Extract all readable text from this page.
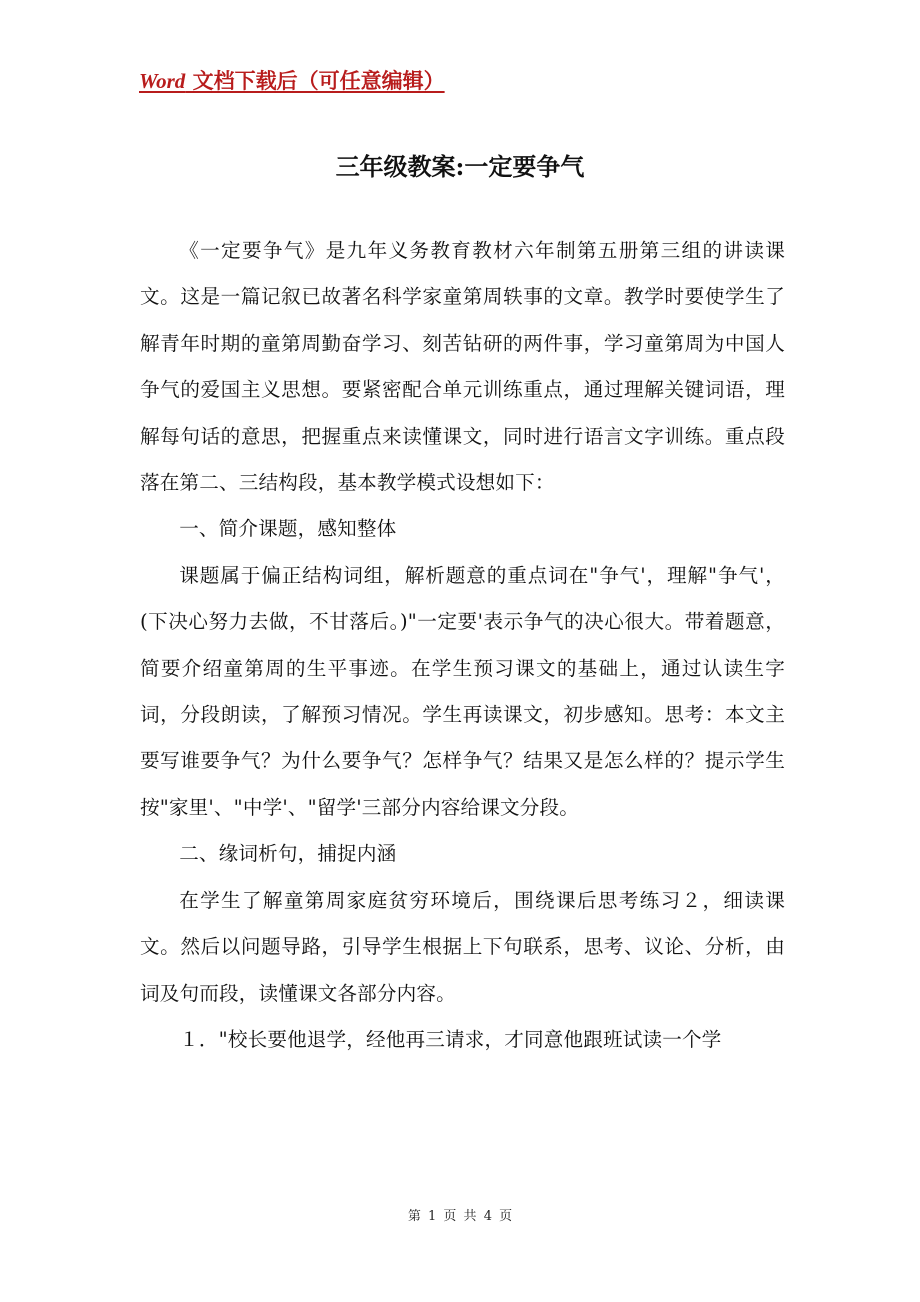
Word 文档下载后（可任意编辑）
三年级教案:一定要争气

《一定要争气》是九年义务教育教材六年制第五册第三组的讲读课文。这是一篇记叙已故著名科学家童第周轶事的文章。教学时要使学生了解青年时期的童第周勤奋学习、刻苦钻研的两件事，学习童第周为中国人争气的爱国主义思想。要紧密配合单元训练重点，通过理解关键词语，理解每句话的意思，把握重点来读懂课文，同时进行语言文字训练。重点段落在第二、三结构段，基本教学模式设想如下：

一、简介课题，感知整体

课题属于偏正结构词组，解析题意的重点词在"争气'，理解"争气'，(下决心努力去做，不甘落后。)"一定要'表示争气的决心很大。带着题意，简要介绍童第周的生平事迹。在学生预习课文的基础上，通过认读生字词，分段朗读，了解预习情况。学生再读课文，初步感知。思考：本文主要写谁要争气？为什么要争气？怎样争气？结果又是怎么样的？提示学生按"家里'、"中学'、"留学'三部分内容给课文分段。

二、缘词析句，捕捉内涵

在学生了解童第周家庭贫穷环境后，围绕课后思考练习２，细读课文。然后以问题导路，引导学生根据上下句联系，思考、议论、分析，由词及句而段，读懂课文各部分内容。

１．"校长要他退学，经他再三请求，才同意他跟班试读一个学

第 1 页 共 4 页
